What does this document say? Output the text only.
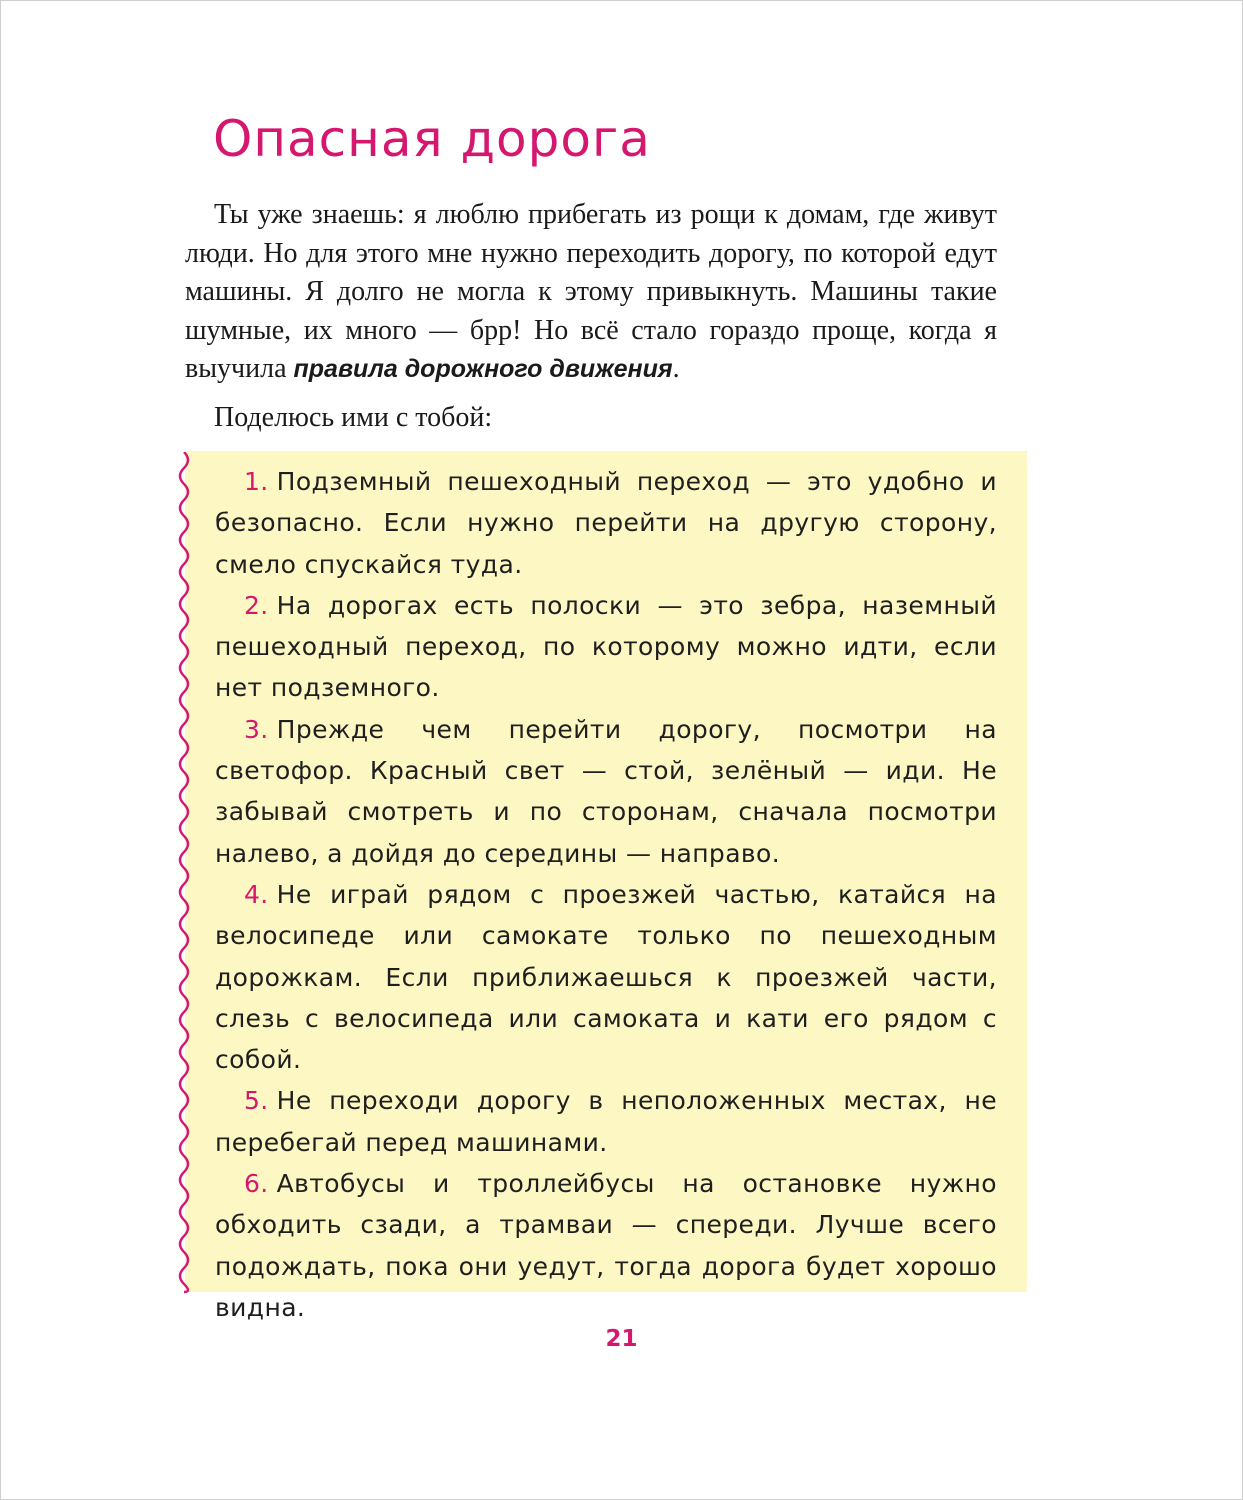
Опасная дорога

Ты уже знаешь: я люблю прибегать из рощи к домам, где живут люди. Но для этого мне нужно переходить дорогу, по которой едут машины. Я долго не могла к этому привыкнуть. Машины такие шумные, их много — брр! Но всё стало гораздо проще, когда я выучила правила дорожного движения.

Поделюсь ими с тобой:

1. Подземный пешеходный переход — это удобно и безопасно. Если нужно перейти на другую сторону, смело спускайся туда.
2. На дорогах есть полоски — это зебра, наземный пешеходный переход, по которому можно идти, если нет подземного.
3. Прежде чем перейти дорогу, посмотри на светофор. Красный свет — стой, зелёный — иди. Не забывай смотреть и по сторонам, сначала посмотри налево, а дойдя до середины — направо.
4. Не играй рядом с проезжей частью, катайся на велосипеде или самокате только по пешеходным дорожкам. Если приближаешься к проезжей части, слезь с велосипеда или самоката и кати его рядом с собой.
5. Не переходи дорогу в неположенных местах, не перебегай перед машинами.
6. Автобусы и троллейбусы на остановке нужно обходить сзади, а трамваи — спереди. Лучше всего подождать, пока они уедут, тогда дорога будет хорошо видна.
21
